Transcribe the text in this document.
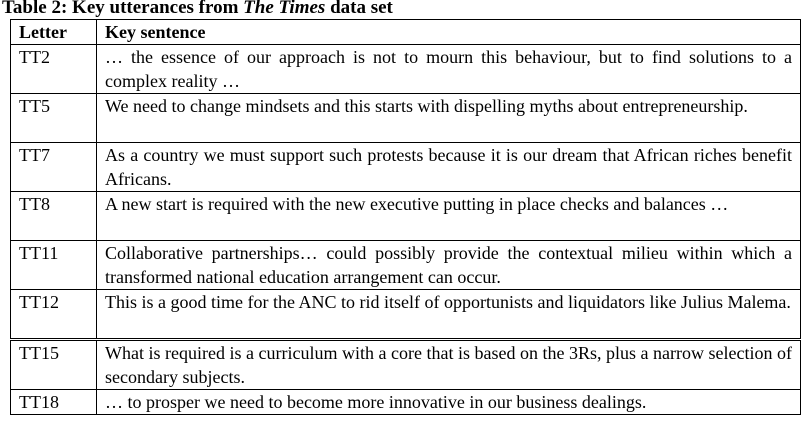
Table 2: Key utterances from The Times data set
Letter	Key sentence
TT2	… the essence of our approach is not to mourn this behaviour, but to find solutions to a complex reality …
TT5	We need to change mindsets and this starts with dispelling myths about entrepreneurship.
TT7	As a country we must support such protests because it is our dream that African riches benefit Africans.
TT8	A new start is required with the new executive putting in place checks and balances …
TT11	Collaborative partnerships… could possibly provide the contextual milieu within which a transformed national education arrangement can occur.
TT12	This is a good time for the ANC to rid itself of opportunists and liquidators like Julius Malema.
TT15	What is required is a curriculum with a core that is based on the 3Rs, plus a narrow selection of secondary subjects.
TT18	… to prosper we need to become more innovative in our business dealings.
